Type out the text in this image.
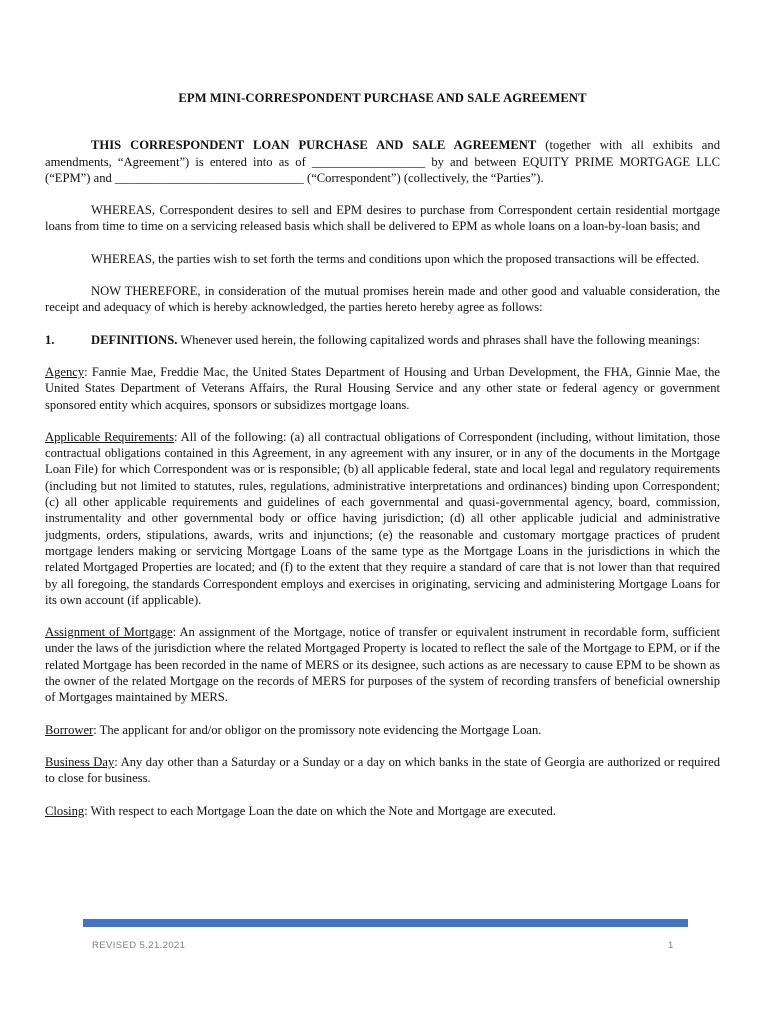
EPM MINI-CORRESPONDENT PURCHASE AND SALE AGREEMENT

THIS CORRESPONDENT LOAN PURCHASE AND SALE AGREEMENT (together with all exhibits and amendments, “Agreement”) is entered into as of __________________ by and between EQUITY PRIME MORTGAGE LLC (“EPM”) and ______________________________ (“Correspondent”) (collectively, the “Parties”).

WHEREAS, Correspondent desires to sell and EPM desires to purchase from Correspondent certain residential mortgage loans from time to time on a servicing released basis which shall be delivered to EPM as whole loans on a loan-by-loan basis; and

WHEREAS, the parties wish to set forth the terms and conditions upon which the proposed transactions will be effected.

NOW THEREFORE, in consideration of the mutual promises herein made and other good and valuable consideration, the receipt and adequacy of which is hereby acknowledged, the parties hereto hereby agree as follows:

1.	DEFINITIONS. Whenever used herein, the following capitalized words and phrases shall have the following meanings:

Agency: Fannie Mae, Freddie Mac, the United States Department of Housing and Urban Development, the FHA, Ginnie Mae, the United States Department of Veterans Affairs, the Rural Housing Service and any other state or federal agency or government sponsored entity which acquires, sponsors or subsidizes mortgage loans.

Applicable Requirements: All of the following: (a) all contractual obligations of Correspondent (including, without limitation, those contractual obligations contained in this Agreement, in any agreement with any insurer, or in any of the documents in the Mortgage Loan File) for which Correspondent was or is responsible; (b) all applicable federal, state and local legal and regulatory requirements (including but not limited to statutes, rules, regulations, administrative interpretations and ordinances) binding upon Correspondent; (c) all other applicable requirements and guidelines of each governmental and quasi-governmental agency, board, commission, instrumentality and other governmental body or office having jurisdiction; (d) all other applicable judicial and administrative judgments, orders, stipulations, awards, writs and injunctions; (e) the reasonable and customary mortgage practices of prudent mortgage lenders making or servicing Mortgage Loans of the same type as the Mortgage Loans in the jurisdictions in which the related Mortgaged Properties are located; and (f) to the extent that they require a standard of care that is not lower than that required by all foregoing, the standards Correspondent employs and exercises in originating, servicing and administering Mortgage Loans for its own account (if applicable).

Assignment of Mortgage: An assignment of the Mortgage, notice of transfer or equivalent instrument in recordable form, sufficient under the laws of the jurisdiction where the related Mortgaged Property is located to reflect the sale of the Mortgage to EPM, or if the related Mortgage has been recorded in the name of MERS or its designee, such actions as are necessary to cause EPM to be shown as the owner of the related Mortgage on the records of MERS for purposes of the system of recording transfers of beneficial ownership of Mortgages maintained by MERS.

Borrower: The applicant for and/or obligor on the promissory note evidencing the Mortgage Loan.

Business Day: Any day other than a Saturday or a Sunday or a day on which banks in the state of Georgia are authorized or required to close for business.

Closing: With respect to each Mortgage Loan the date on which the Note and Mortgage are executed.

REVISED 5.21.2021	1
